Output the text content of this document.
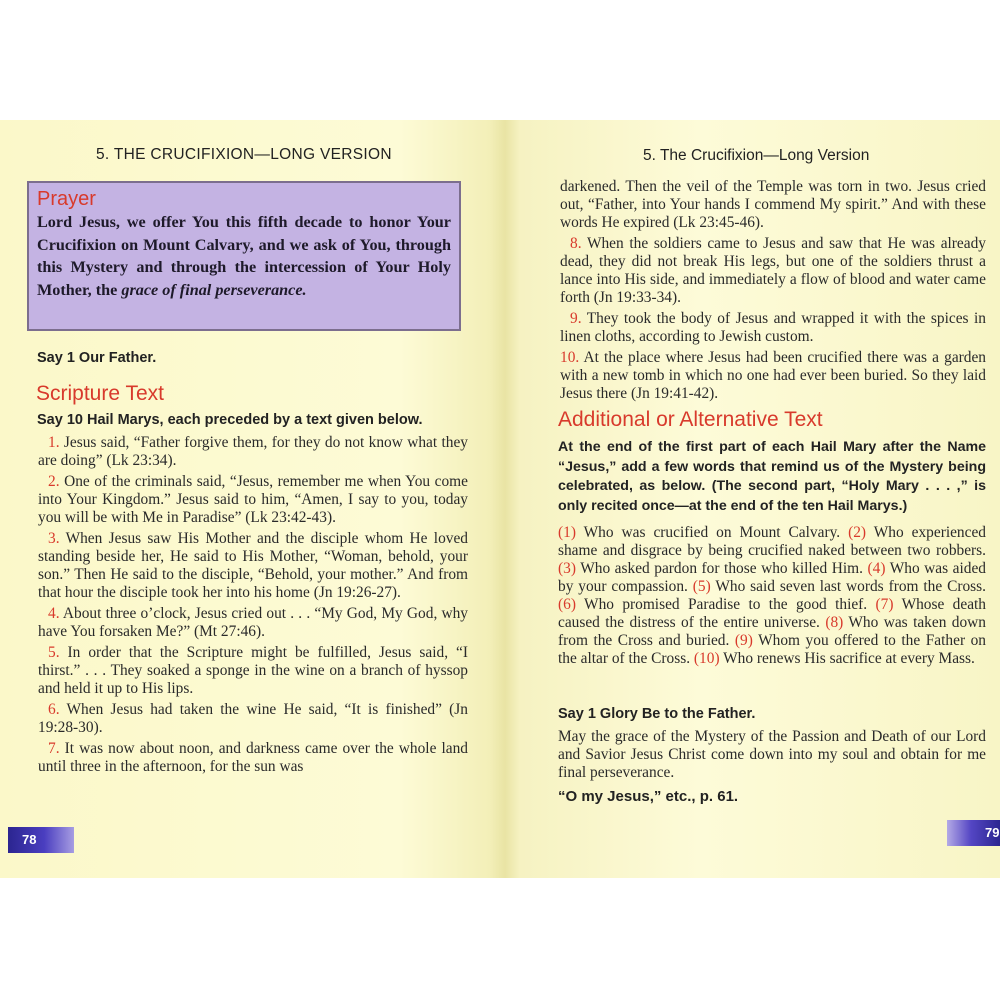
5. THE CRUCIFIXION—LONG VERSION
Prayer
Lord Jesus, we offer You this fifth decade to honor Your Crucifixion on Mount Calvary, and we ask of You, through this Mystery and through the intercession of Your Holy Mother, the grace of final perseverance.
Say 1 Our Father.
Scripture Text
Say 10 Hail Marys, each preceded by a text given below.

1. Jesus said, “Father forgive them, for they do not know what they are doing” (Lk 23:34).

2. One of the criminals said, “Jesus, remember me when You come into Your Kingdom.” Jesus said to him, “Amen, I say to you, today you will be with Me in Paradise” (Lk 23:42-43).

3. When Jesus saw His Mother and the disciple whom He loved standing beside her, He said to His Mother, “Woman, behold, your son.” Then He said to the disciple, “Behold, your mother.” And from that hour the disciple took her into his home (Jn 19:26-27).

4. About three o’clock, Jesus cried out . . . “My God, My God, why have You forsaken Me?” (Mt 27:46).

5. In order that the Scripture might be fulfilled, Jesus said, “I thirst.” . . . They soaked a sponge in the wine on a branch of hyssop and held it up to His lips.

6. When Jesus had taken the wine He said, “It is finished” (Jn 19:28-30).

7. It was now about noon, and darkness came over the whole land until three in the afternoon, for the sun was

78
5. The Crucifixion—Long Version

darkened. Then the veil of the Temple was torn in two. Jesus cried out, “Father, into Your hands I commend My spirit.” And with these words He expired (Lk 23:45-46).

8. When the soldiers came to Jesus and saw that He was already dead, they did not break His legs, but one of the soldiers thrust a lance into His side, and immediately a flow of blood and water came forth (Jn 19:33-34).

9. They took the body of Jesus and wrapped it with the spices in linen cloths, according to Jewish custom.

10. At the place where Jesus had been crucified there was a garden with a new tomb in which no one had ever been buried. So they laid Jesus there (Jn 19:41-42).

Additional or Alternative Text
At the end of the first part of each Hail Mary after the Name “Jesus,” add a few words that remind us of the Mystery being celebrated, as below. (The second part, “Holy Mary . . . ,” is only recited once—at the end of the ten Hail Marys.)

(1) Who was crucified on Mount Calvary. (2) Who experienced shame and disgrace by being crucified naked between two robbers. (3) Who asked pardon for those who killed Him. (4) Who was aided by your compassion. (5) Who said seven last words from the Cross. (6) Who promised Paradise to the good thief. (7) Whose death caused the distress of the entire universe. (8) Who was taken down from the Cross and buried. (9) Whom you offered to the Father on the altar of the Cross. (10) Who renews His sacrifice at every Mass.

Say 1 Glory Be to the Father.

May the grace of the Mystery of the Passion and Death of our Lord and Savior Jesus Christ come down into my soul and obtain for me final perseverance.

“O my Jesus,” etc., p. 61.
79
